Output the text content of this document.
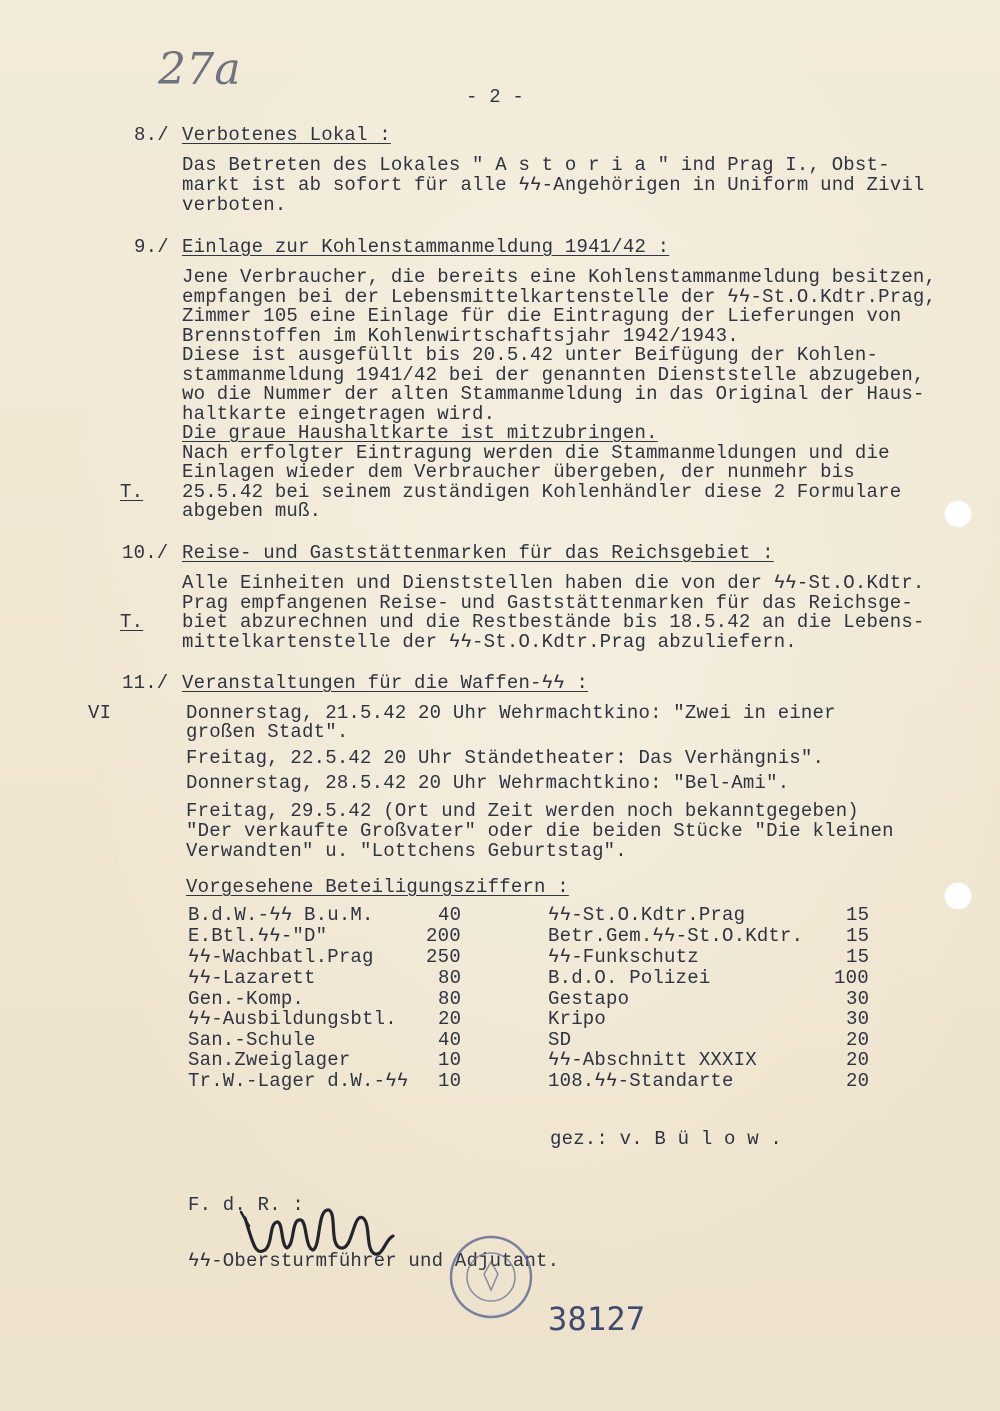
27a
- 2 -
8./ Verbotenes Lokal :
Das Betreten des Lokales " A s t o r i a " ind Prag I., Obst-
markt ist ab sofort für alle ϟϟ-Angehörigen in Uniform und Zivil
verboten.
9./ Einlage zur Kohlenstammanmeldung 1941/42 :
Jene Verbraucher, die bereits eine Kohlenstammanmeldung besitzen,
empfangen bei der Lebensmittelkartenstelle der ϟϟ-St.O.Kdtr.Prag,
Zimmer 105 eine Einlage für die Eintragung der Lieferungen von
Brennstoffen im Kohlenwirtschaftsjahr 1942/1943.
Diese ist ausgefüllt bis 20.5.42 unter Beifügung der Kohlen-
stammanmeldung 1941/42 bei der genannten Dienststelle abzugeben,
wo die Nummer der alten Stammanmeldung in das Original der Haus-
haltkarte eingetragen wird.
Die graue Haushaltkarte ist mitzubringen.
Nach erfolgter Eintragung werden die Stammanmeldungen und die
Einlagen wieder dem Verbraucher übergeben, der nunmehr bis
T. 25.5.42 bei seinem zuständigen Kohlenhändler diese 2 Formulare
abgeben muß.
10./ Reise- und Gaststättenmarken für das Reichsgebiet :
Alle Einheiten und Dienststellen haben die von der ϟϟ-St.O.Kdtr.
Prag empfangenen Reise- und Gaststättenmarken für das Reichsge-
T. biet abzurechnen und die Restbestände bis 18.5.42 an die Lebens-
mittelkartenstelle der ϟϟ-St.O.Kdtr.Prag abzuliefern.
11./ Veranstaltungen für die Waffen-ϟϟ :
VI	Donnerstag, 21.5.42 20 Uhr Wehrmachtkino: "Zwei in einer
großen Stadt".
Freitag, 22.5.42 20 Uhr Ständetheater: Das Verhängnis".
Donnerstag, 28.5.42 20 Uhr Wehrmachtkino: "Bel-Ami".
Freitag, 29.5.42 (Ort und Zeit werden noch bekanntgegeben)
"Der verkaufte Großvater" oder die beiden Stücke "Die kleinen
Verwandten" u. "Lottchens Geburtstag".
Vorgesehene Beteiligungsziffern :
B.d.W.-ϟϟ B.u.M.	40
E.Btl.ϟϟ-"D"	200
ϟϟ-Wachbatl.Prag	250
ϟϟ-Lazarett	80
Gen.-Komp.	80
ϟϟ-Ausbildungsbtl. 20
San.-Schule	40
San.Zweiglager	10
Tr.W.-Lager d.W.-ϟϟ 10
ϟϟ-St.O.Kdtr.Prag	15
Betr.Gem.ϟϟ-St.O.Kdtr. 15
ϟϟ-Funkschutz	15
B.d.O. Polizei	100
Gestapo	30
Kripo	30
SD	20
ϟϟ-Abschnitt XXXIX	20
108.ϟϟ-Standarte	20
gez.: v. B ü l o w .
F. d. R. :
ϟϟ-Obersturmführer und Adjutant.
38127
